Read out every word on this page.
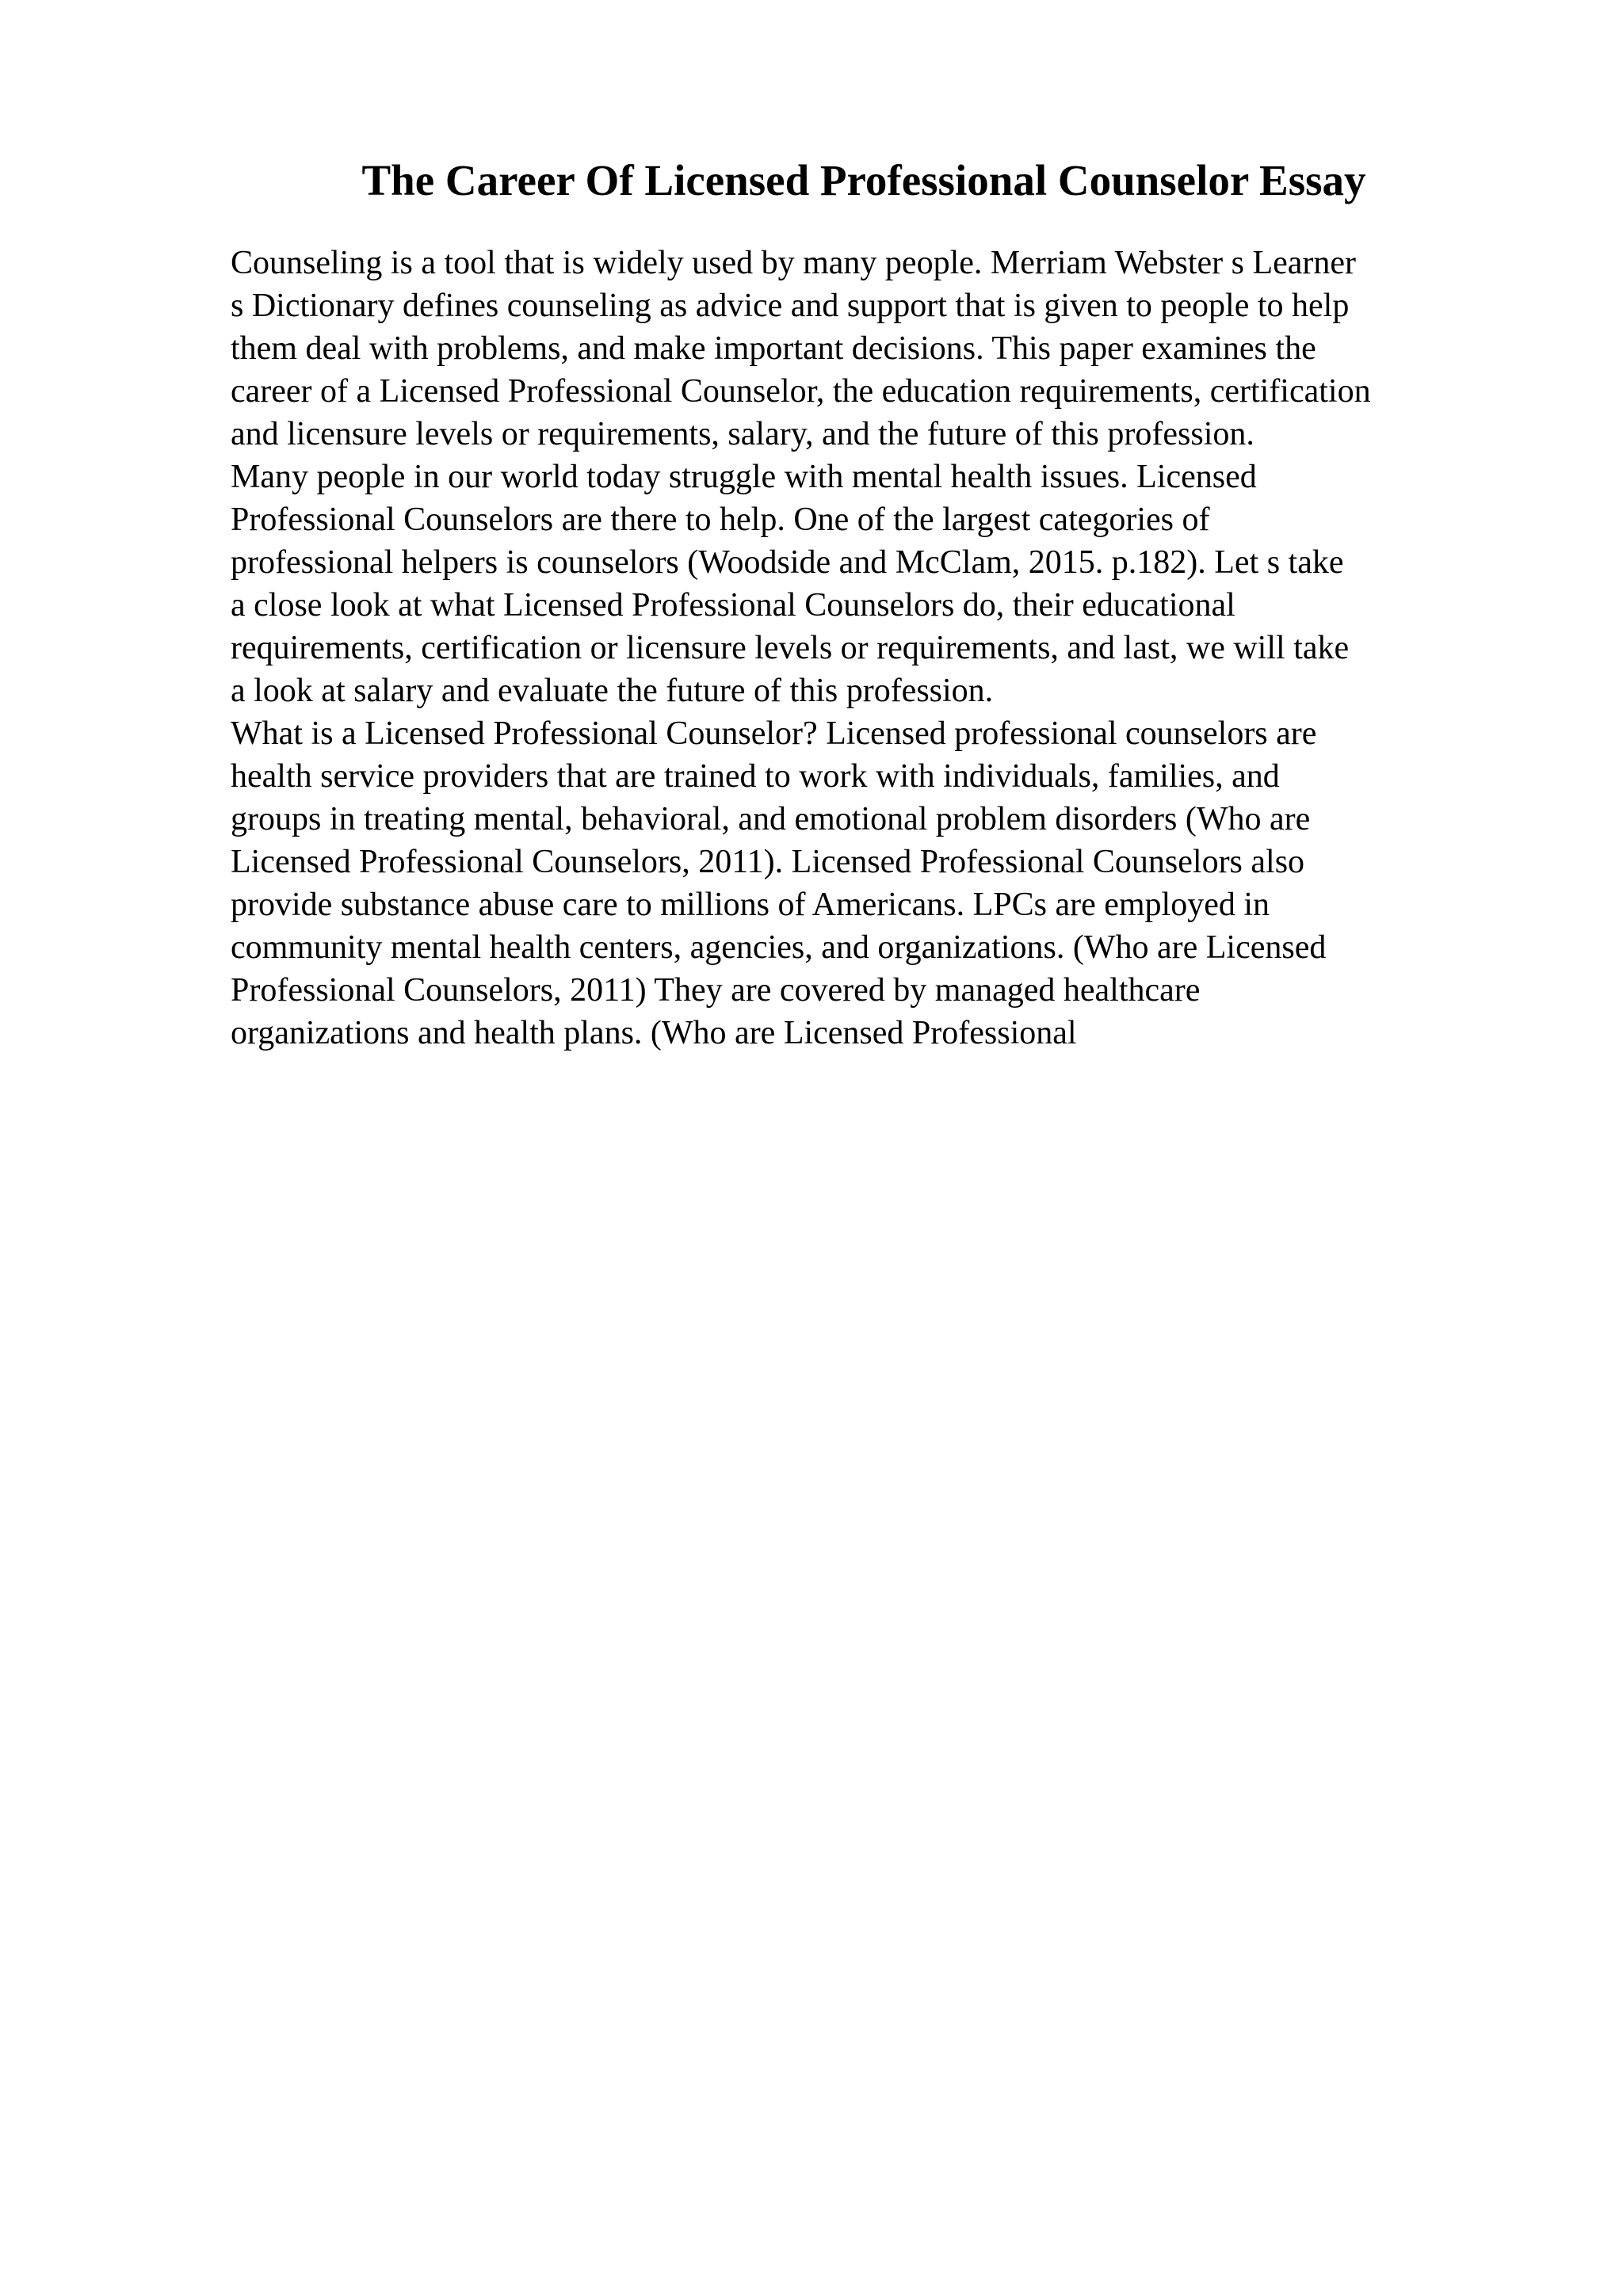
The Career Of Licensed Professional Counselor Essay
Counseling is a tool that is widely used by many people. Merriam Webster s Learner
s Dictionary defines counseling as advice and support that is given to people to help
them deal with problems, and make important decisions. This paper examines the
career of a Licensed Professional Counselor, the education requirements, certification
and licensure levels or requirements, salary, and the future of this profession.
Many people in our world today struggle with mental health issues. Licensed
Professional Counselors are there to help. One of the largest categories of
professional helpers is counselors (Woodside and McClam, 2015. p.182). Let s take
a close look at what Licensed Professional Counselors do, their educational
requirements, certification or licensure levels or requirements, and last, we will take
a look at salary and evaluate the future of this profession.
What is a Licensed Professional Counselor? Licensed professional counselors are
health service providers that are trained to work with individuals, families, and
groups in treating mental, behavioral, and emotional problem disorders (Who are
Licensed Professional Counselors, 2011). Licensed Professional Counselors also
provide substance abuse care to millions of Americans. LPCs are employed in
community mental health centers, agencies, and organizations. (Who are Licensed
Professional Counselors, 2011) They are covered by managed healthcare
organizations and health plans. (Who are Licensed Professional
